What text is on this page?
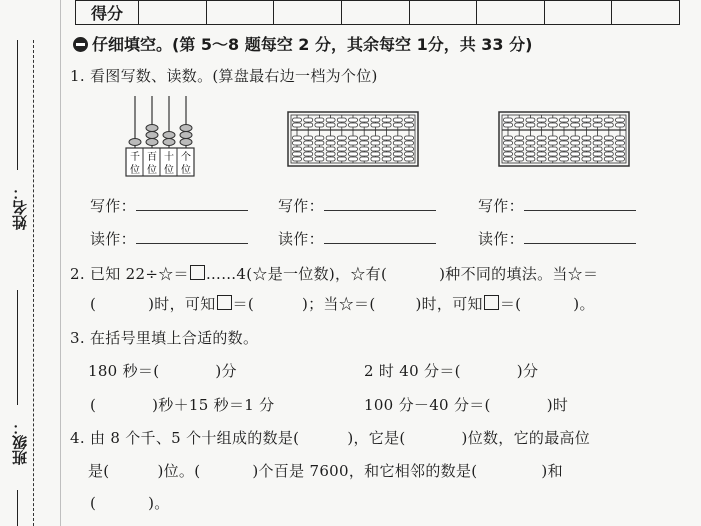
姓名：
班级：
得分								
仔细填空。(第 5～8 题每空 2 分，其余每空 1分，共 33 分)
1. 看图写数、读数。(算盘最右边一档为个位)
千
位
百
位
十
位
个
位
写作：	写作：	写作：
读作：	读作：	读作：
2. 已知 22÷☆＝ ……4(☆是一位数)，☆有(	)种不同的填法。当☆＝
(	)时，可知 ＝(	)；当☆＝(	)时，可知 ＝(	)。
3. 在括号里填上合适的数。
180 秒＝(	)分	2 时 40 分＝(	)分
(	)秒＋15 秒＝1 分	100 分－40 分＝(	)时
4. 由 8 个千、5 个十组成的数是(	)，它是(	)位数，它的最高位
是(	)位。(	)个百是 7600，和它相邻的数是(	)和
(	)。
